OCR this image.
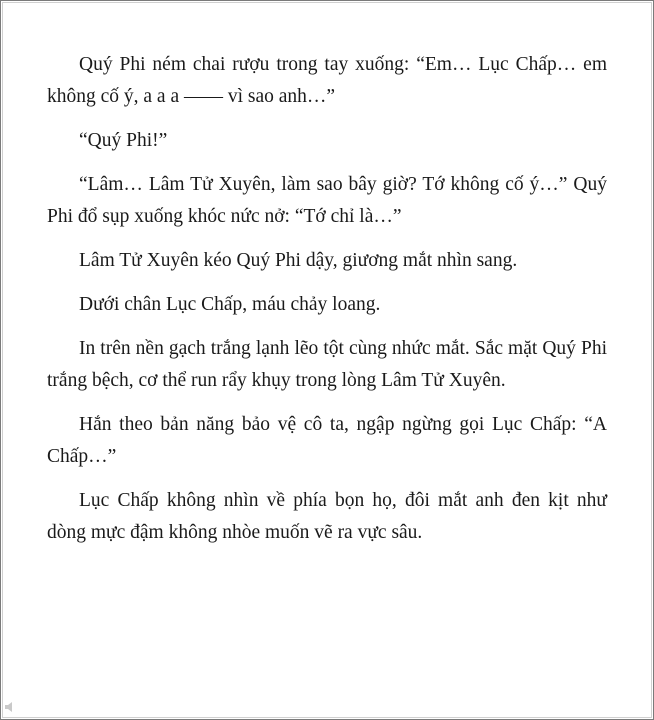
Quý Phi ném chai rượu trong tay xuống: “Em… Lục Chấp… em không cố ý, a a a —— vì sao anh…”

“Quý Phi!”

“Lâm… Lâm Tử Xuyên, làm sao bây giờ? Tớ không cố ý…” Quý Phi đổ sụp xuống khóc nức nở: “Tớ chỉ là…”

Lâm Tử Xuyên kéo Quý Phi dậy, giương mắt nhìn sang.

Dưới chân Lục Chấp, máu chảy loang.

In trên nền gạch trắng lạnh lẽo tột cùng nhức mắt. Sắc mặt Quý Phi trắng bệch, cơ thể run rẩy khụy trong lòng Lâm Tử Xuyên.

Hắn theo bản năng bảo vệ cô ta, ngập ngừng gọi Lục Chấp: “A Chấp…”

Lục Chấp không nhìn về phía bọn họ, đôi mắt anh đen kịt như dòng mực đậm không nhòe muốn vẽ ra vực sâu.
